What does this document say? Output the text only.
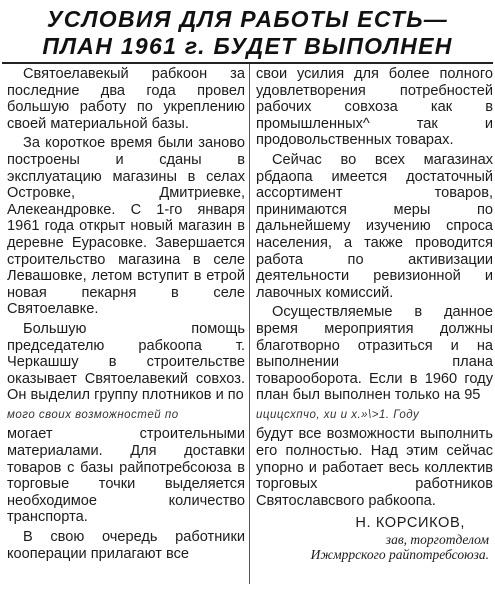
УСЛОВИЯ ДЛЯ РАБОТЫ ЕСТЬ—
ПЛАН 1961 г. БУДЕТ ВЫПОЛНЕН

Святоелавекый рабкоон за последние два года провел большую работу по укреплению своей материальной базы.

За короткое время были заново построены и сданы в эксплуатацию магазины в селах Островке, Дмитриевке, Алекеандровке. С 1-го января 1961 года открыт новый магазин в деревне Еурасовке. Завершается строительство магазина в селе Левашовке, летом вступит в етрой новая пекарня в селе Святоелавке.

Большую помощь председателю рабкоопа т. Черкашшу в строительстве оказывает Святоелавекий совхоз. Он выделил группу плотников и по

мого своих возможностей по

могает строительными материалами. Для доставки товаров с базы райпотребсоюза в торговые точки выделяется необходимое количество транспорта.

В свою очередь работники кооперации прилагают все

свои усилия для более полного удовлетворения потребностей рабочих совхоза как в промышленных^ так и продовольственных товарах.

Сейчас во всех магазинах рбдаопа имеется достаточный ассортимент товаров, принимаются меры по дальнейшему изучению спроса населения, а также проводится работа по активизации деятельности ревизионной и лавочных комиссий.

Осуществляемые в данное время мероприятия должны благотворно отразиться и на выполнении плана товарооборота. Если в 1960 году план был выполнен только на 95

ицицсхпчо, хи и х.»\>1. Году

будут все возможности выполнить его полностью. Над этим сейчас упорно и работает весь коллектив торговых работников Святославсвого рабкоопа.

Н. КОРСИКОВ,
зав, торготделом
Ижмррского райпотребсоюза.
